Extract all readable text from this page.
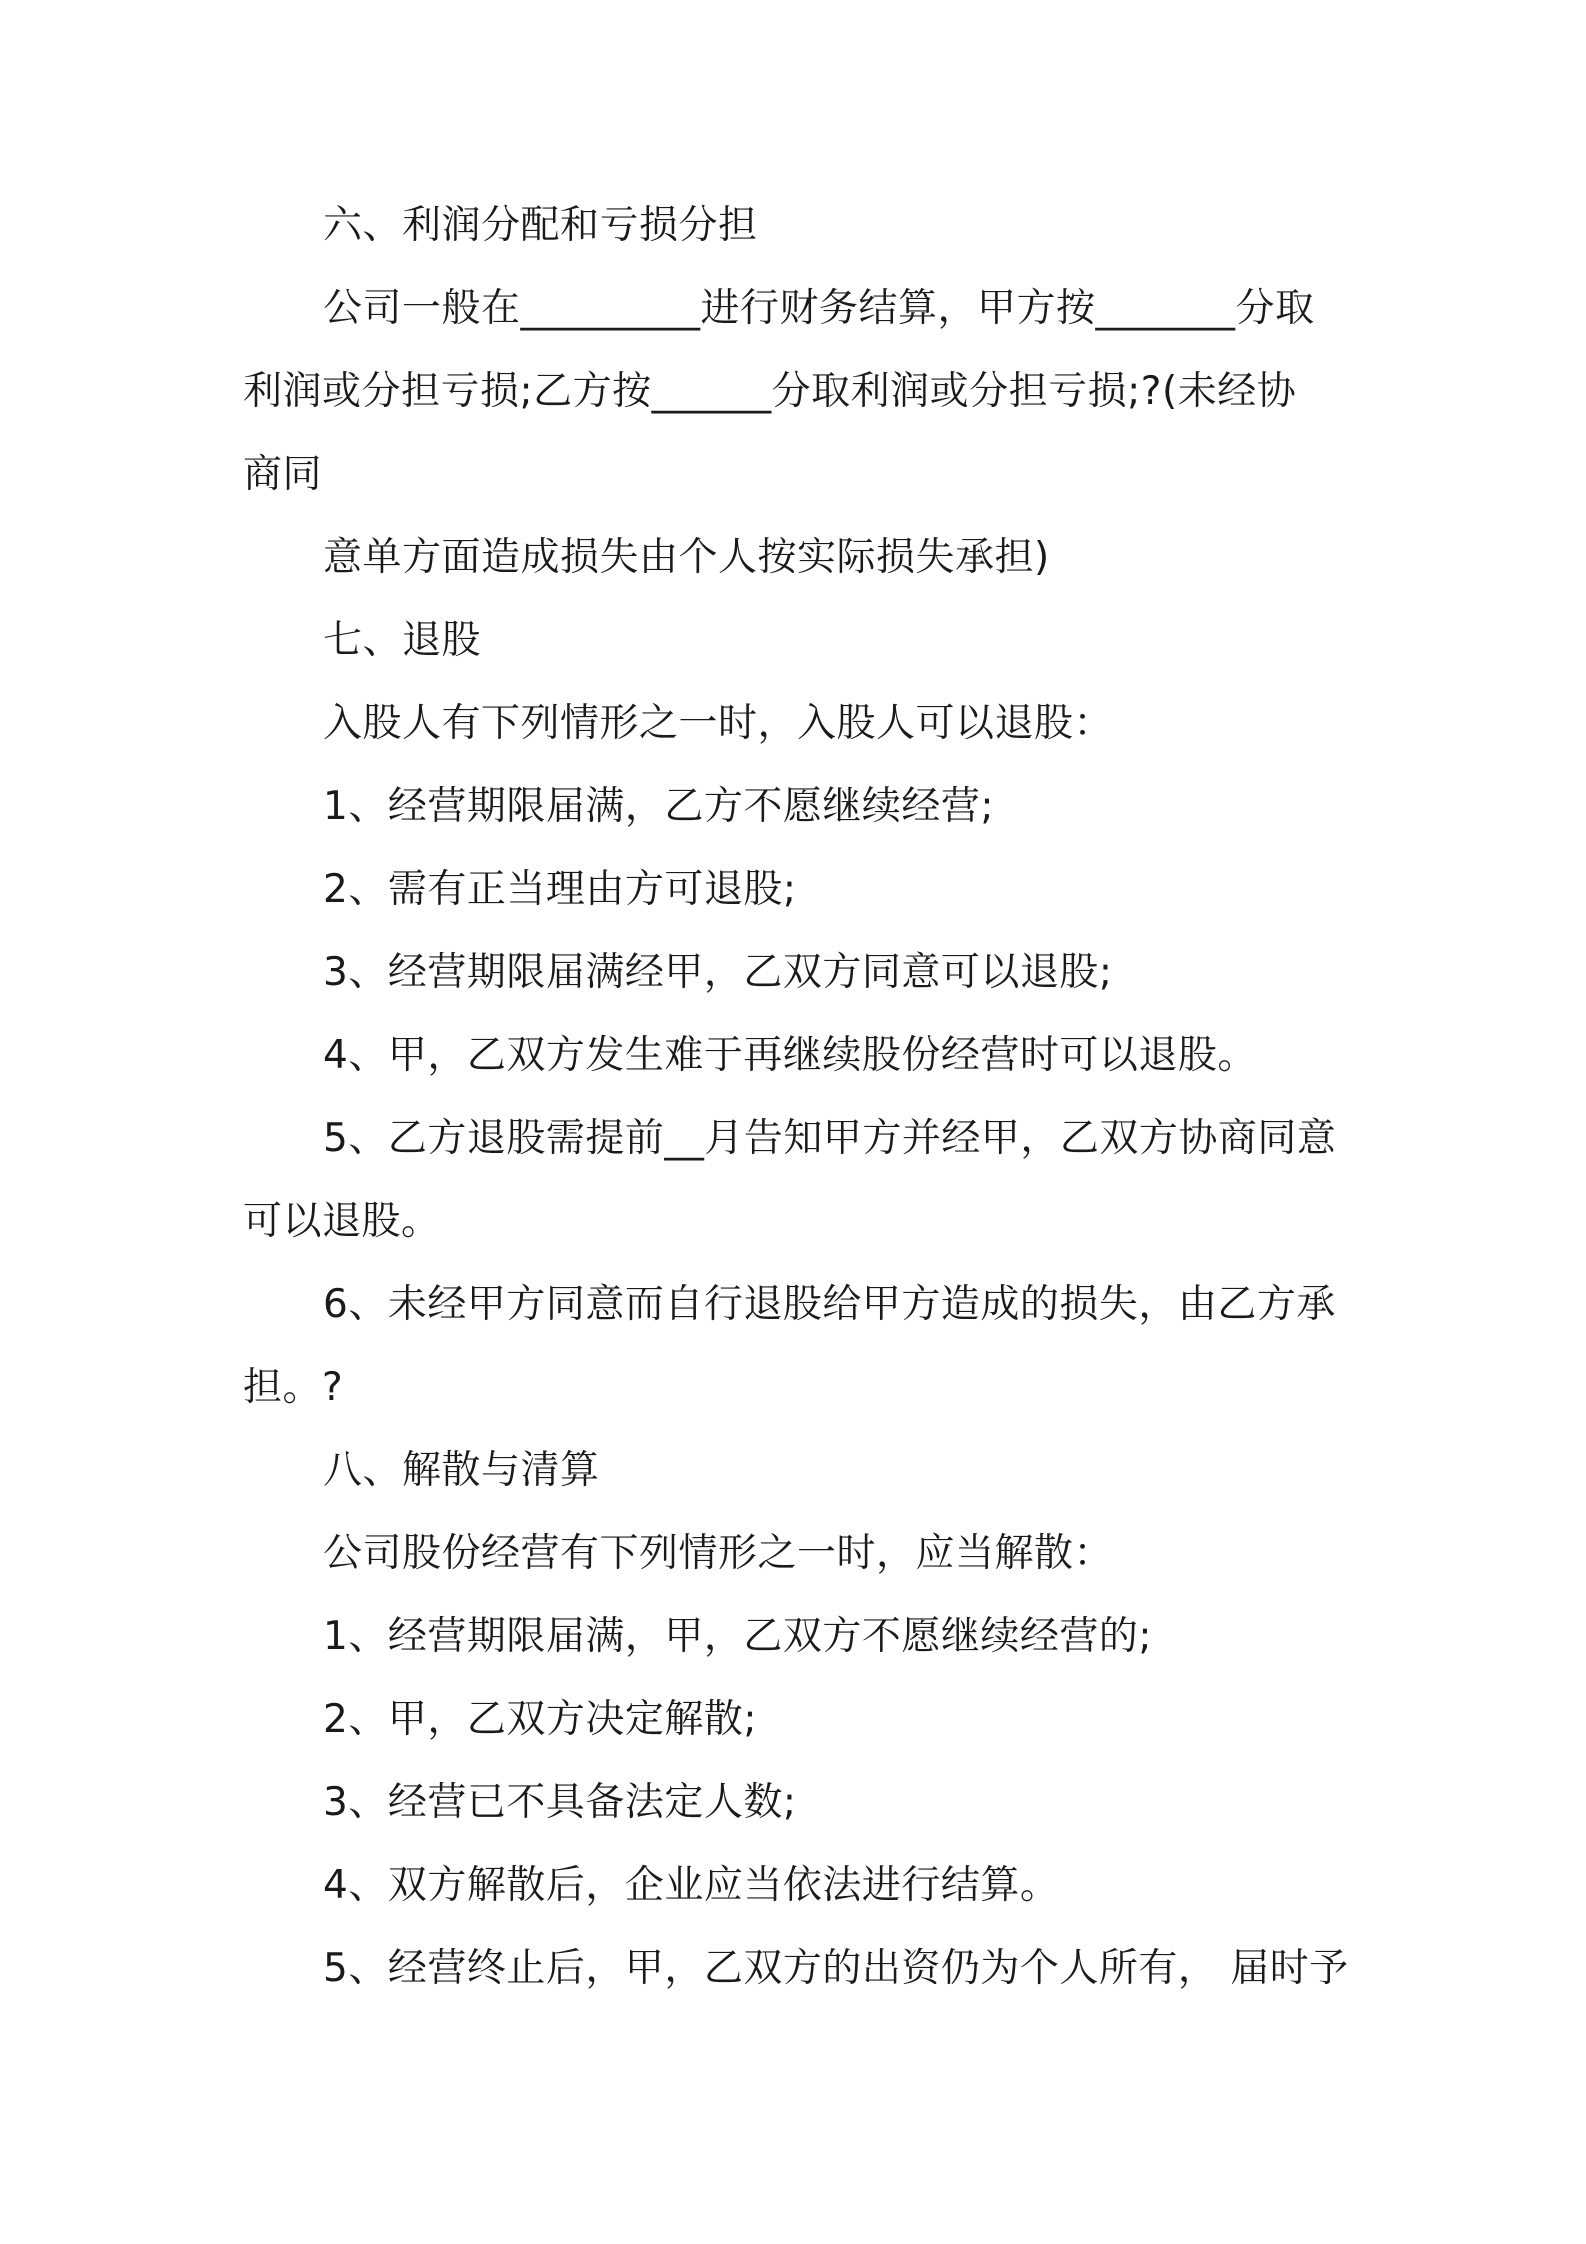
六、利润分配和亏损分担
公司一般在_________进行财务结算，甲方按_______分取
利润或分担亏损;乙方按______分取利润或分担亏损;?(未经协
商同
意单方面造成损失由个人按实际损失承担)
七、退股
入股人有下列情形之一时，入股人可以退股：
1、经营期限届满，乙方不愿继续经营;
2、需有正当理由方可退股;
3、经营期限届满经甲，乙双方同意可以退股;
4、甲，乙双方发生难于再继续股份经营时可以退股。
5、乙方退股需提前__月告知甲方并经甲，乙双方协商同意
可以退股。
6、未经甲方同意而自行退股给甲方造成的损失，由乙方承
担。?
八、解散与清算
公司股份经营有下列情形之一时，应当解散：
1、经营期限届满，甲，乙双方不愿继续经营的;
2、甲，乙双方决定解散;
3、经营已不具备法定人数;
4、双方解散后，企业应当依法进行结算。
5、经营终止后，甲，乙双方的出资仍为个人所有， 届时予
